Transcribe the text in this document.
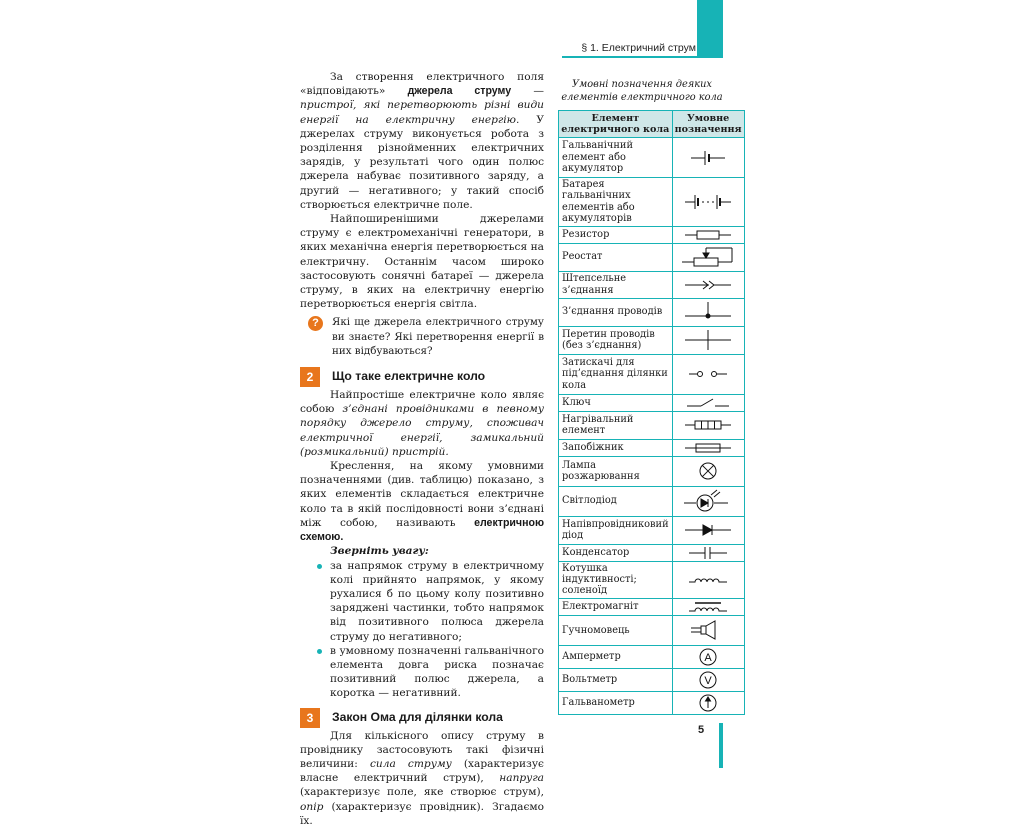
§ 1. Електричний струм

За створення електричного поля «відповідають» джерела струму — пристрої, які перетворюють різні види енергії на електричну енергію. У джерелах струму виконується робота з розділення різнойменних електричних зарядів, у результаті чого один полюс джерела набуває позитивного заряду, а другий — негативного; у такий спосіб створюється електричне поле.

Найпоширенішими джерелами струму є електромеханічні генератори, в яких механічна енергія перетворюється на електричну. Останнім часом широко застосовують сонячні батареї — джерела струму, в яких на електричну енергію перетворюється енергія світла.

?	Які ще джерела електричного струму ви знаєте? Які перетворення енергії в них відбуваються?
2	Що таке електричне коло

Найпростіше електричне коло являє собою з’єднані провідниками в певному порядку джерело струму, споживач електричної енергії, замикальний (розмикальний) пристрій.

Креслення, на якому умовними позначеннями (див. таблицю) показано, з яких елементів складається електричне коло та в якій послідовності вони з’єднані між собою, називають електричною схемою.

Зверніть увагу:

за напрямок струму в електричному колі прийнято напрямок, у якому рухалися б по цьому колу позитивно заряджені частинки, тобто напрямок від позитивного полюса джерела струму до негативного;
в умовному позначенні гальванічного елемента довга риска позначає позитивний полюс джерела, а коротка — негативний.
3	Закон Ома для ділянки кола

Для кількісного опису струму в провіднику застосовують такі фізичні величини: сила струму (характеризує власне електричний струм), напруга (характеризує поле, яке створює струм), опір (характеризує провідник). Згадаємо їх.

Умовні позначення деяких елементів електричного кола
Елемент електричного кола	Умовне позначення
Гальванічний елемент або акумулятор	

Батарея гальванічних елементів або акумуляторів	

Резистор	

Реостат	

Штепсельне з’єднання	

З’єднання проводів	

Перетин проводів (без з’єднання)	

Затискачі для під’єднання ділянки кола	

Ключ	

Нагрівальний елемент	

Запобіжник	

Лампа розжарювання	

Світлодіод	

Напівпровідниковий діод	

Конденсатор	

Котушка індуктивності; соленоїд	

Електромагніт	

Гучномовець	

Амперметр	A

Вольтметр	V

Гальванометр	
5
